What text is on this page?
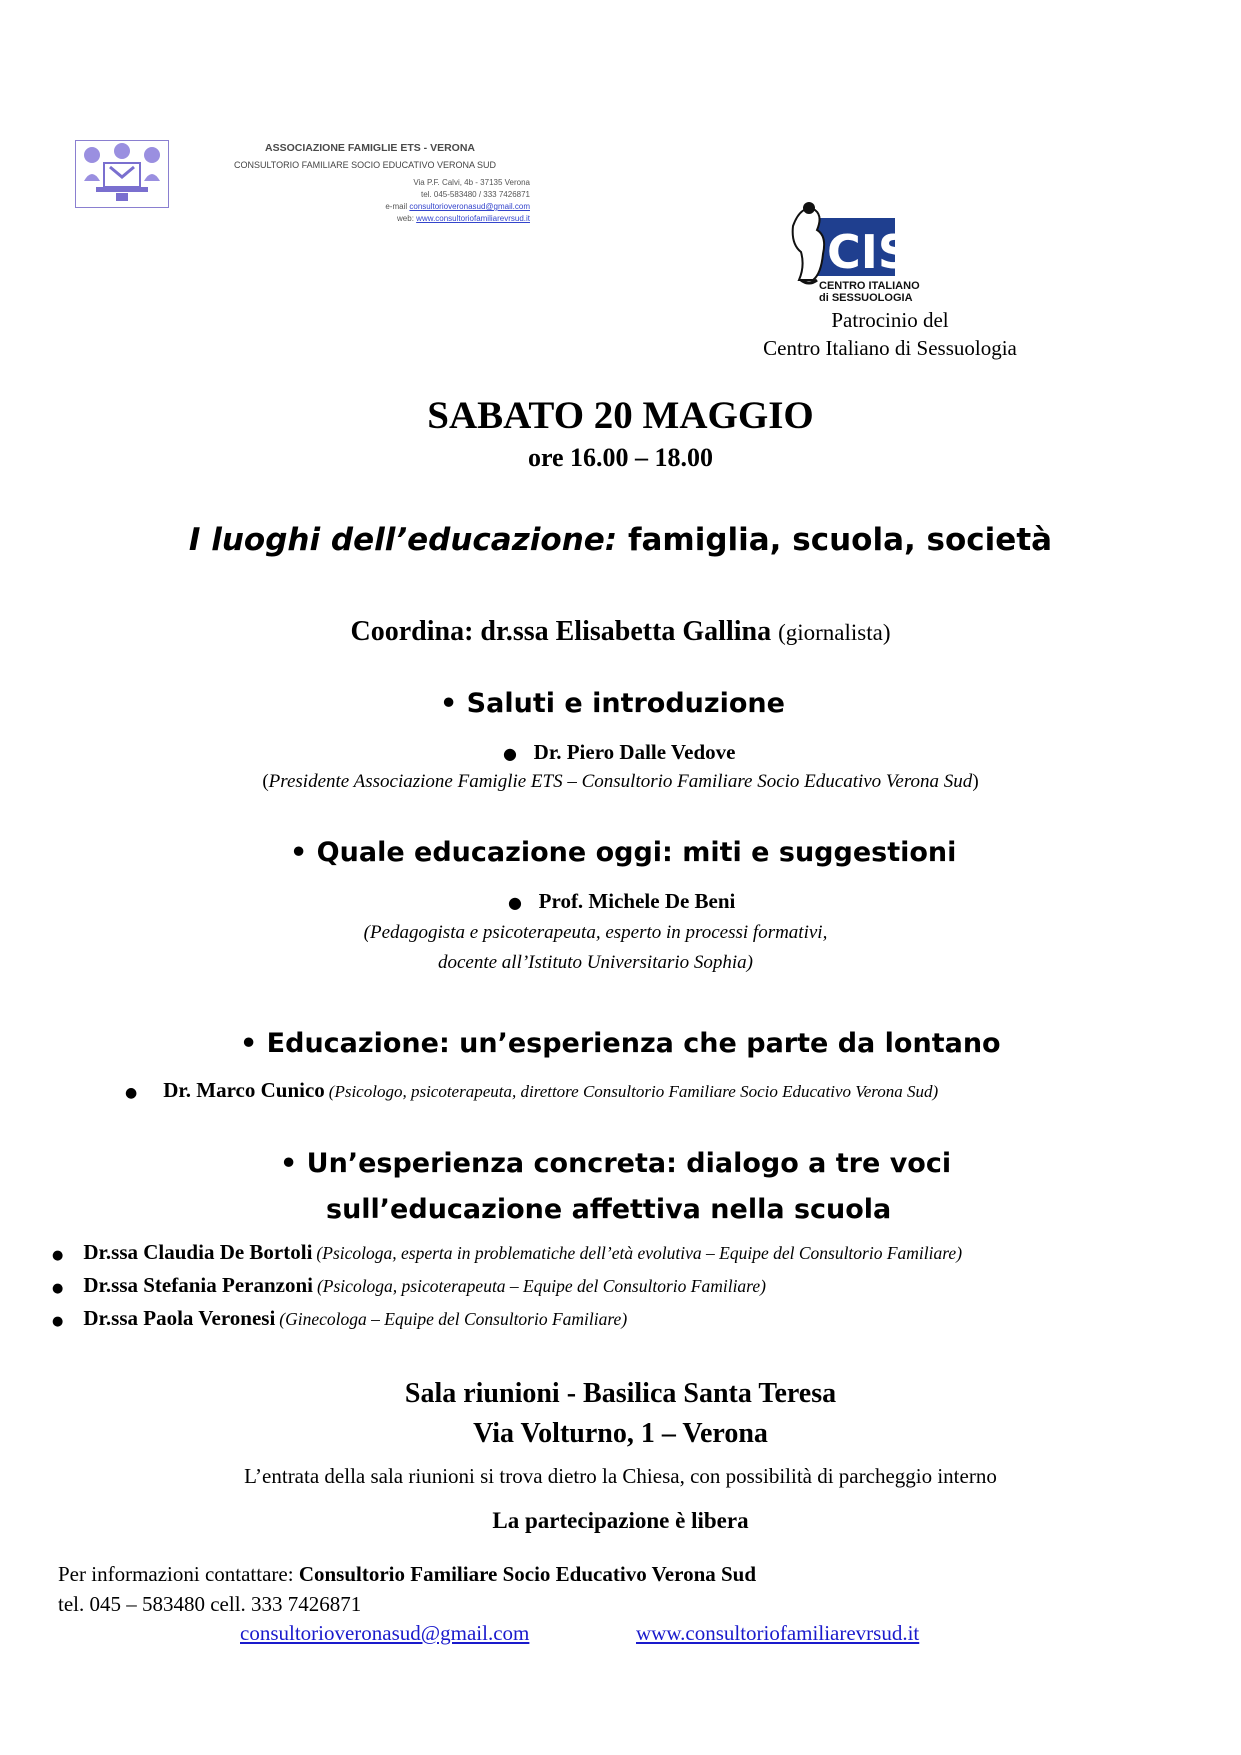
ASSOCIAZIONE FAMIGLIE ETS - VERONA
CONSULTORIO FAMILIARE SOCIO EDUCATIVO VERONA SUD
Via P.F. Calvi, 4b - 37135 Verona
tel. 045-583480 / 333 7426871
e-mail consultorioveronasud@gmail.com
web: www.consultoriofamiliarevrsud.it
CIS
CENTRO ITALIANO
di SESSUOLOGIA
Patrocinio del
Centro Italiano di Sessuologia
SABATO 20 MAGGIO
ore 16.00 – 18.00
I luoghi dell’educazione: famiglia, scuola, società
Coordina: dr.ssa Elisabetta Gallina (giornalista)
• Saluti e introduzione
●   Dr. Piero Dalle Vedove
(Presidente Associazione Famiglie ETS – Consultorio Familiare Socio Educativo Verona Sud)
• Quale educazione oggi: miti e suggestioni
●   Prof. Michele De Beni
(Pedagogista e psicoterapeuta, esperto in processi formativi,
docente all’Istituto Universitario Sophia)
• Educazione: un’esperienza che parte da lontano
● Dr. Marco Cunico (Psicologo, psicoterapeuta, direttore Consultorio Familiare Socio Educativo Verona Sud)
• Un’esperienza concreta: dialogo a tre voci
sull’educazione affettiva nella scuola
● Dr.ssa Claudia De Bortoli (Psicologa, esperta in problematiche dell’età evolutiva – Equipe del Consultorio Familiare)
● Dr.ssa Stefania Peranzoni (Psicologa, psicoterapeuta – Equipe del Consultorio Familiare)
● Dr.ssa Paola Veronesi (Ginecologa – Equipe del Consultorio Familiare)
Sala riunioni - Basilica Santa Teresa
Via Volturno, 1 – Verona
L’entrata della sala riunioni si trova dietro la Chiesa, con possibilità di parcheggio interno
La partecipazione è libera
Per informazioni contattare: Consultorio Familiare Socio Educativo Verona Sud
tel. 045 – 583480 cell. 333 7426871
consultorioveronasud@gmail.com	www.consultoriofamiliarevrsud.it
